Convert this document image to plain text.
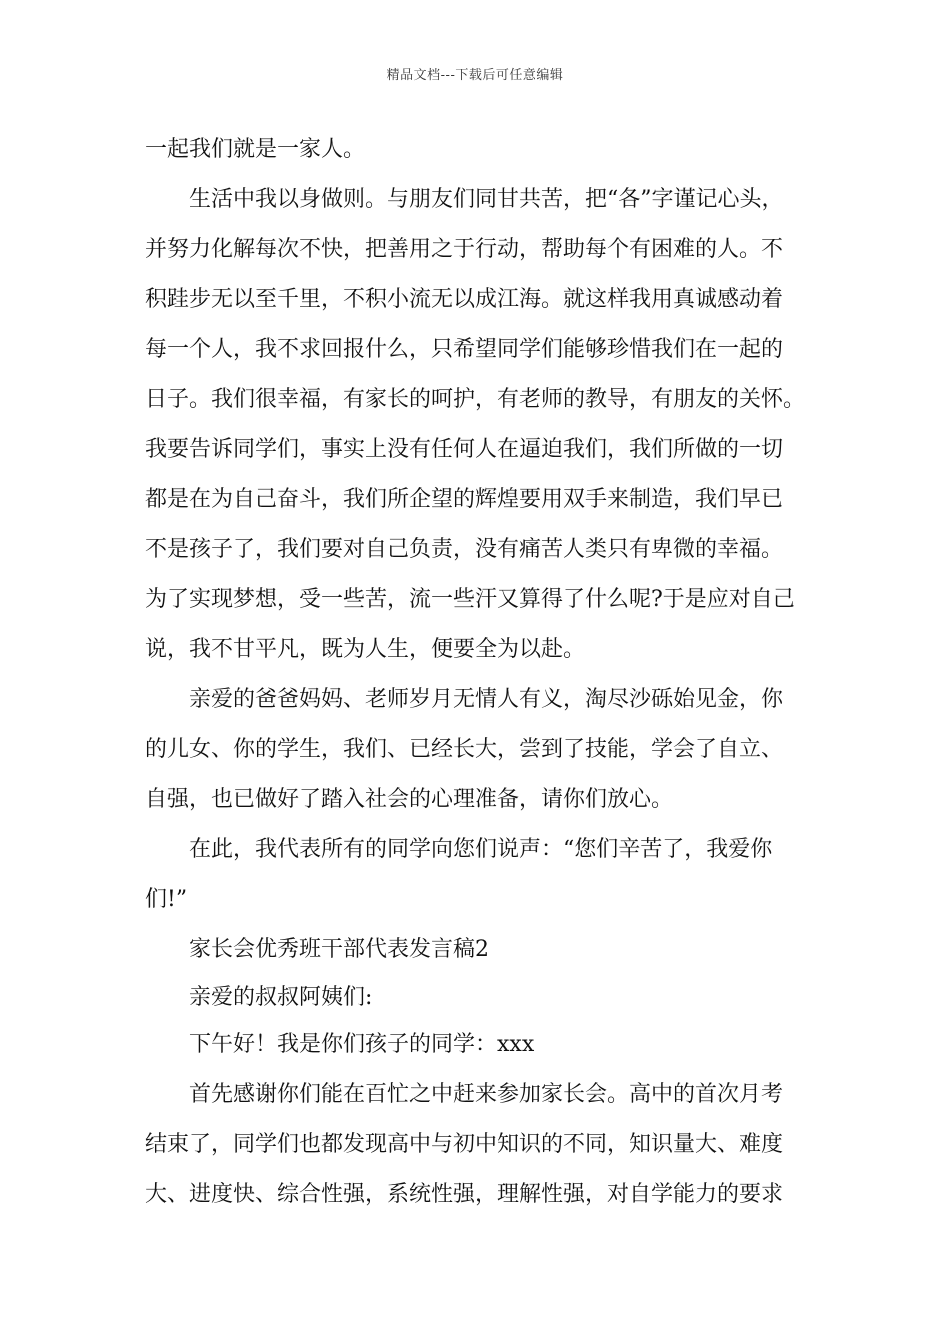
精品文档---下载后可任意编辑
一起我们就是一家人。
生活中我以身做则。与朋友们同甘共苦，把“各”字谨记心头，
并努力化解每次不快，把善用之于行动，帮助每个有困难的人。不
积跬步无以至千里，不积小流无以成江海。就这样我用真诚感动着
每一个人，我不求回报什么，只希望同学们能够珍惜我们在一起的
日子。我们很幸福，有家长的呵护，有老师的教导，有朋友的关怀。
我要告诉同学们，事实上没有任何人在逼迫我们，我们所做的一切
都是在为自己奋斗，我们所企望的辉煌要用双手来制造，我们早已
不是孩子了，我们要对自己负责，没有痛苦人类只有卑微的幸福。
为了实现梦想，受一些苦，流一些汗又算得了什么呢?于是应对自己
说，我不甘平凡，既为人生，便要全为以赴。
亲爱的爸爸妈妈、老师岁月无情人有义，淘尽沙砾始见金，你
的儿女、你的学生，我们、已经长大，尝到了技能，学会了自立、
自强，也已做好了踏入社会的心理准备，请你们放心。
在此，我代表所有的同学向您们说声：“您们辛苦了，我爱你
们!”
家长会优秀班干部代表发言稿2
亲爱的叔叔阿姨们:
下午好！我是你们孩子的同学：xxx
首先感谢你们能在百忙之中赶来参加家长会。高中的首次月考
结束了，同学们也都发现高中与初中知识的不同，知识量大、难度
大、进度快、综合性强，系统性强，理解性强，对自学能力的要求
